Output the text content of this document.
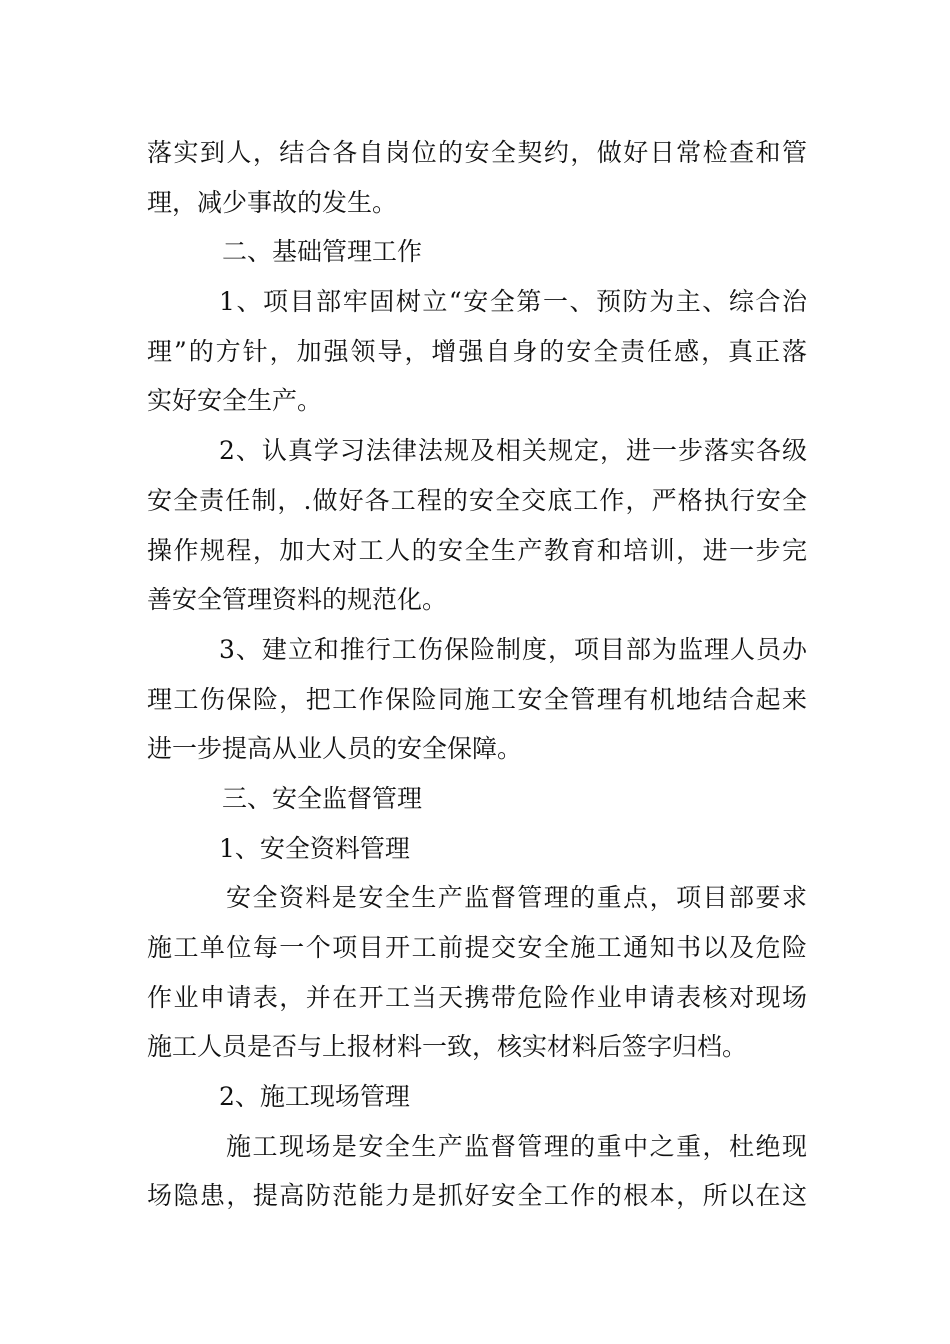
落实到人，结合各自岗位的安全契约，做好日常检查和管
理，减少事故的发生。
二、基础管理工作
1、项目部牢固树立“安全第一、预防为主、综合治
理”的方针，加强领导，增强自身的安全责任感，真正落
实好安全生产。
2、认真学习法律法规及相关规定，进一步落实各级
安全责任制，.做好各工程的安全交底工作，严格执行安全
操作规程，加大对工人的安全生产教育和培训，进一步完
善安全管理资料的规范化。
3、建立和推行工伤保险制度，项目部为监理人员办
理工伤保险，把工作保险同施工安全管理有机地结合起来
进一步提高从业人员的安全保障。
三、安全监督管理
1、安全资料管理
安全资料是安全生产监督管理的重点，项目部要求
施工单位每一个项目开工前提交安全施工通知书以及危险
作业申请表，并在开工当天携带危险作业申请表核对现场
施工人员是否与上报材料一致，核实材料后签字归档。
2、施工现场管理
施工现场是安全生产监督管理的重中之重，杜绝现
场隐患，提高防范能力是抓好安全工作的根本，所以在这
